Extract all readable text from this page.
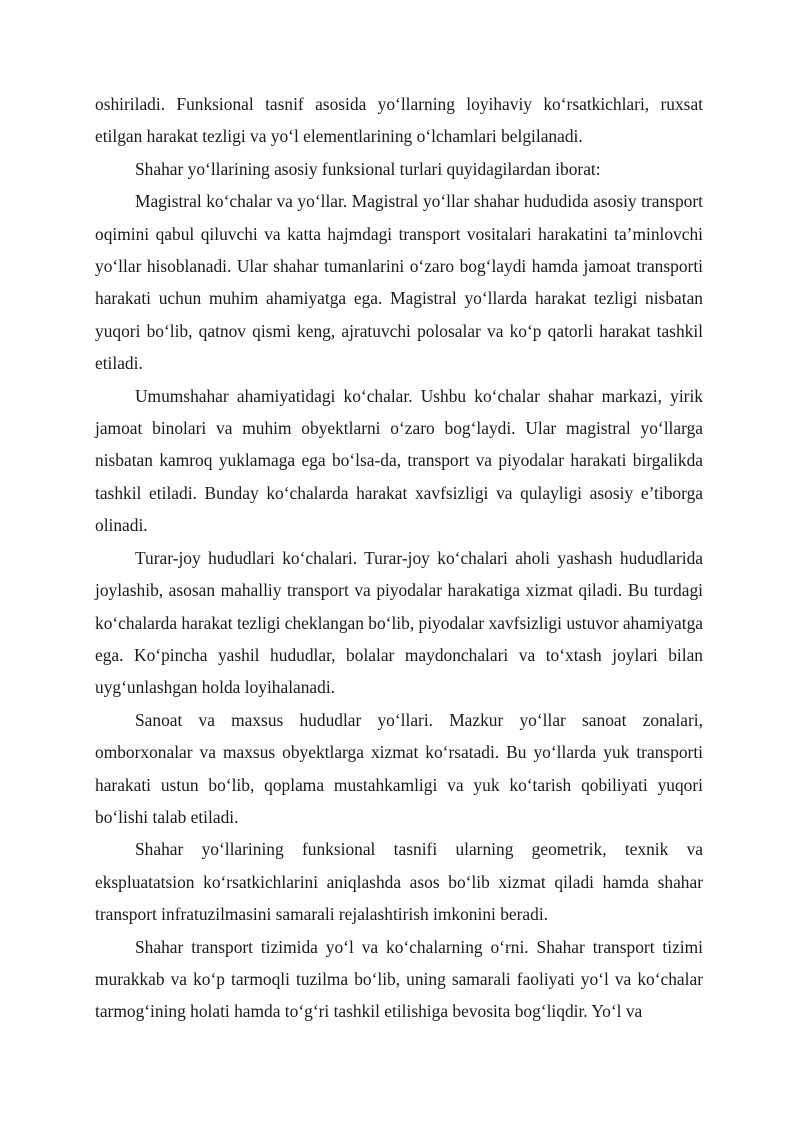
oshiriladi. Funksional tasnif asosida yo‘llarning loyihaviy ko‘rsatkichlari, ruxsat etilgan harakat tezligi va yo‘l elementlarining o‘lchamlari belgilanadi.

Shahar yo‘llarining asosiy funksional turlari quyidagilardan iborat:

Magistral ko‘chalar va yo‘llar. Magistral yo‘llar shahar hududida asosiy transport oqimini qabul qiluvchi va katta hajmdagi transport vositalari harakatini ta’minlovchi yo‘llar hisoblanadi. Ular shahar tumanlarini o‘zaro bog‘laydi hamda jamoat transporti harakati uchun muhim ahamiyatga ega. Magistral yo‘llarda harakat tezligi nisbatan yuqori bo‘lib, qatnov qismi keng, ajratuvchi polosalar va ko‘p qatorli harakat tashkil etiladi.

Umumshahar ahamiyatidagi ko‘chalar. Ushbu ko‘chalar shahar markazi, yirik jamoat binolari va muhim obyektlarni o‘zaro bog‘laydi. Ular magistral yo‘llarga nisbatan kamroq yuklamaga ega bo‘lsa-da, transport va piyodalar harakati birgalikda tashkil etiladi. Bunday ko‘chalarda harakat xavfsizligi va qulayligi asosiy e’tiborga olinadi.

Turar-joy hududlari ko‘chalari. Turar-joy ko‘chalari aholi yashash hududlarida joylashib, asosan mahalliy transport va piyodalar harakatiga xizmat qiladi. Bu turdagi ko‘chalarda harakat tezligi cheklangan bo‘lib, piyodalar xavfsizligi ustuvor ahamiyatga ega. Ko‘pincha yashil hududlar, bolalar maydonchalari va to‘xtash joylari bilan uyg‘unlashgan holda loyihalanadi.

Sanoat va maxsus hududlar yo‘llari. Mazkur yo‘llar sanoat zonalari, omborxonalar va maxsus obyektlarga xizmat ko‘rsatadi. Bu yo‘llarda yuk transporti harakati ustun bo‘lib, qoplama mustahkamligi va yuk ko‘tarish qobiliyati yuqori bo‘lishi talab etiladi.

Shahar yo‘llarining funksional tasnifi ularning geometrik, texnik va ekspluatatsion ko‘rsatkichlarini aniqlashda asos bo‘lib xizmat qiladi hamda shahar transport infratuzilmasini samarali rejalashtirish imkonini beradi.

Shahar transport tizimida yo‘l va ko‘chalarning o‘rni. Shahar transport tizimi murakkab va ko‘p tarmoqli tuzilma bo‘lib, uning samarali faoliyati yo‘l va ko‘chalar tarmog‘ining holati hamda to‘g‘ri tashkil etilishiga bevosita bog‘liqdir. Yo‘l va
